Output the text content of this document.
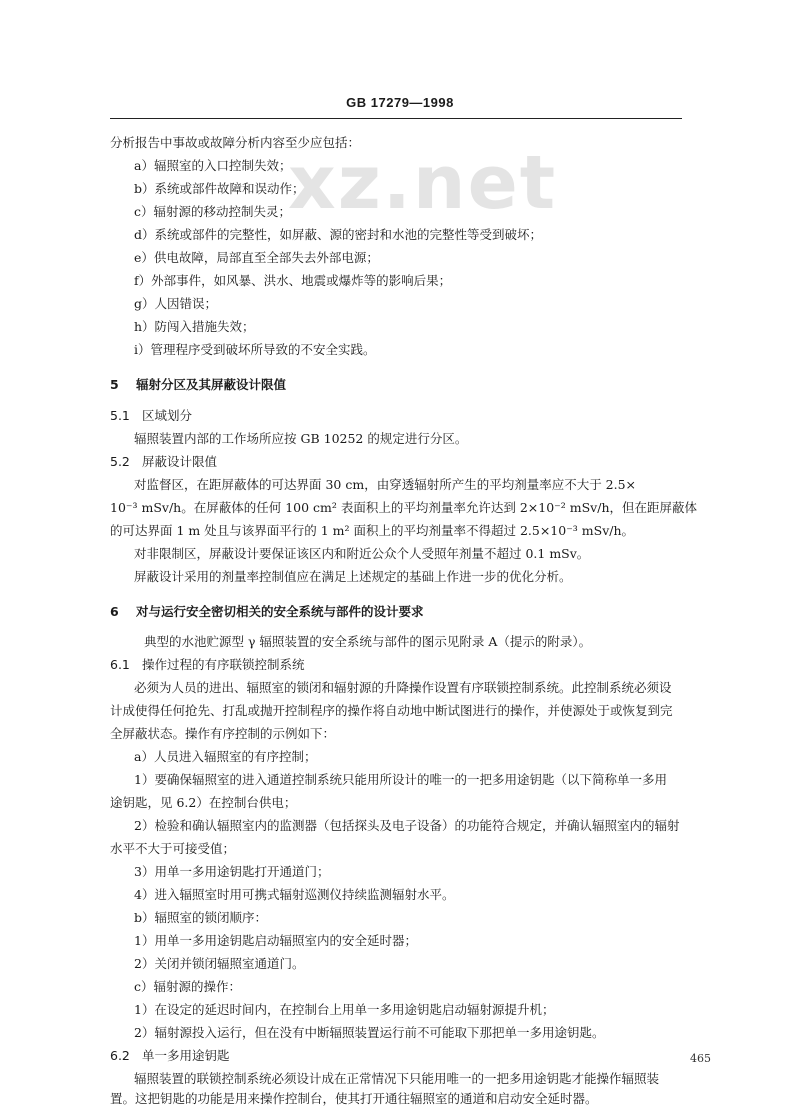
GB 17279—1998
xz.net
分析报告中事故或故障分析内容至少应包括：
a）辐照室的入口控制失效；
b）系统或部件故障和误动作；
c）辐射源的移动控制失灵；
d）系统或部件的完整性，如屏蔽、源的密封和水池的完整性等受到破坏；
e）供电故障，局部直至全部失去外部电源；
f）外部事件，如风暴、洪水、地震或爆炸等的影响后果；
g）人因错误；
h）防闯入措施失效；
i）管理程序受到破坏所导致的不安全实践。
5 辐射分区及其屏蔽设计限值
5.1 区域划分
辐照装置内部的工作场所应按 GB 10252 的规定进行分区。
5.2 屏蔽设计限值
对监督区，在距屏蔽体的可达界面 30 cm，由穿透辐射所产生的平均剂量率应不大于 2.5×
10⁻³ mSv/h。在屏蔽体的任何 100 cm² 表面积上的平均剂量率允许达到 2×10⁻² mSv/h，但在距屏蔽体
的可达界面 1 m 处且与该界面平行的 1 m² 面积上的平均剂量率不得超过 2.5×10⁻³ mSv/h。
对非限制区，屏蔽设计要保证该区内和附近公众个人受照年剂量不超过 0.1 mSv。
屏蔽设计采用的剂量率控制值应在满足上述规定的基础上作进一步的优化分析。
6 对与运行安全密切相关的安全系统与部件的设计要求
典型的水池贮源型 γ 辐照装置的安全系统与部件的图示见附录 A（提示的附录）。
6.1 操作过程的有序联锁控制系统
必须为人员的进出、辐照室的锁闭和辐射源的升降操作设置有序联锁控制系统。此控制系统必须设
计成使得任何抢先、打乱或抛开控制程序的操作将自动地中断试图进行的操作，并使源处于或恢复到完
全屏蔽状态。操作有序控制的示例如下：
a）人员进入辐照室的有序控制；
1）要确保辐照室的进入通道控制系统只能用所设计的唯一的一把多用途钥匙（以下简称单一多用
途钥匙，见 6.2）在控制台供电；
2）检验和确认辐照室内的监测器（包括探头及电子设备）的功能符合规定，并确认辐照室内的辐射
水平不大于可接受值；
3）用单一多用途钥匙打开通道门；
4）进入辐照室时用可携式辐射巡测仪持续监测辐射水平。
b）辐照室的锁闭顺序：
1）用单一多用途钥匙启动辐照室内的安全延时器；
2）关闭并锁闭辐照室通道门。
c）辐射源的操作：
1）在设定的延迟时间内，在控制台上用单一多用途钥匙启动辐射源提升机；
2）辐射源投入运行，但在没有中断辐照装置运行前不可能取下那把单一多用途钥匙。
6.2 单一多用途钥匙
辐照装置的联锁控制系统必须设计成在正常情况下只能用唯一的一把多用途钥匙才能操作辐照装
置。这把钥匙的功能是用来操作控制台，使其打开通往辐照室的通道和启动安全延时器。
465
